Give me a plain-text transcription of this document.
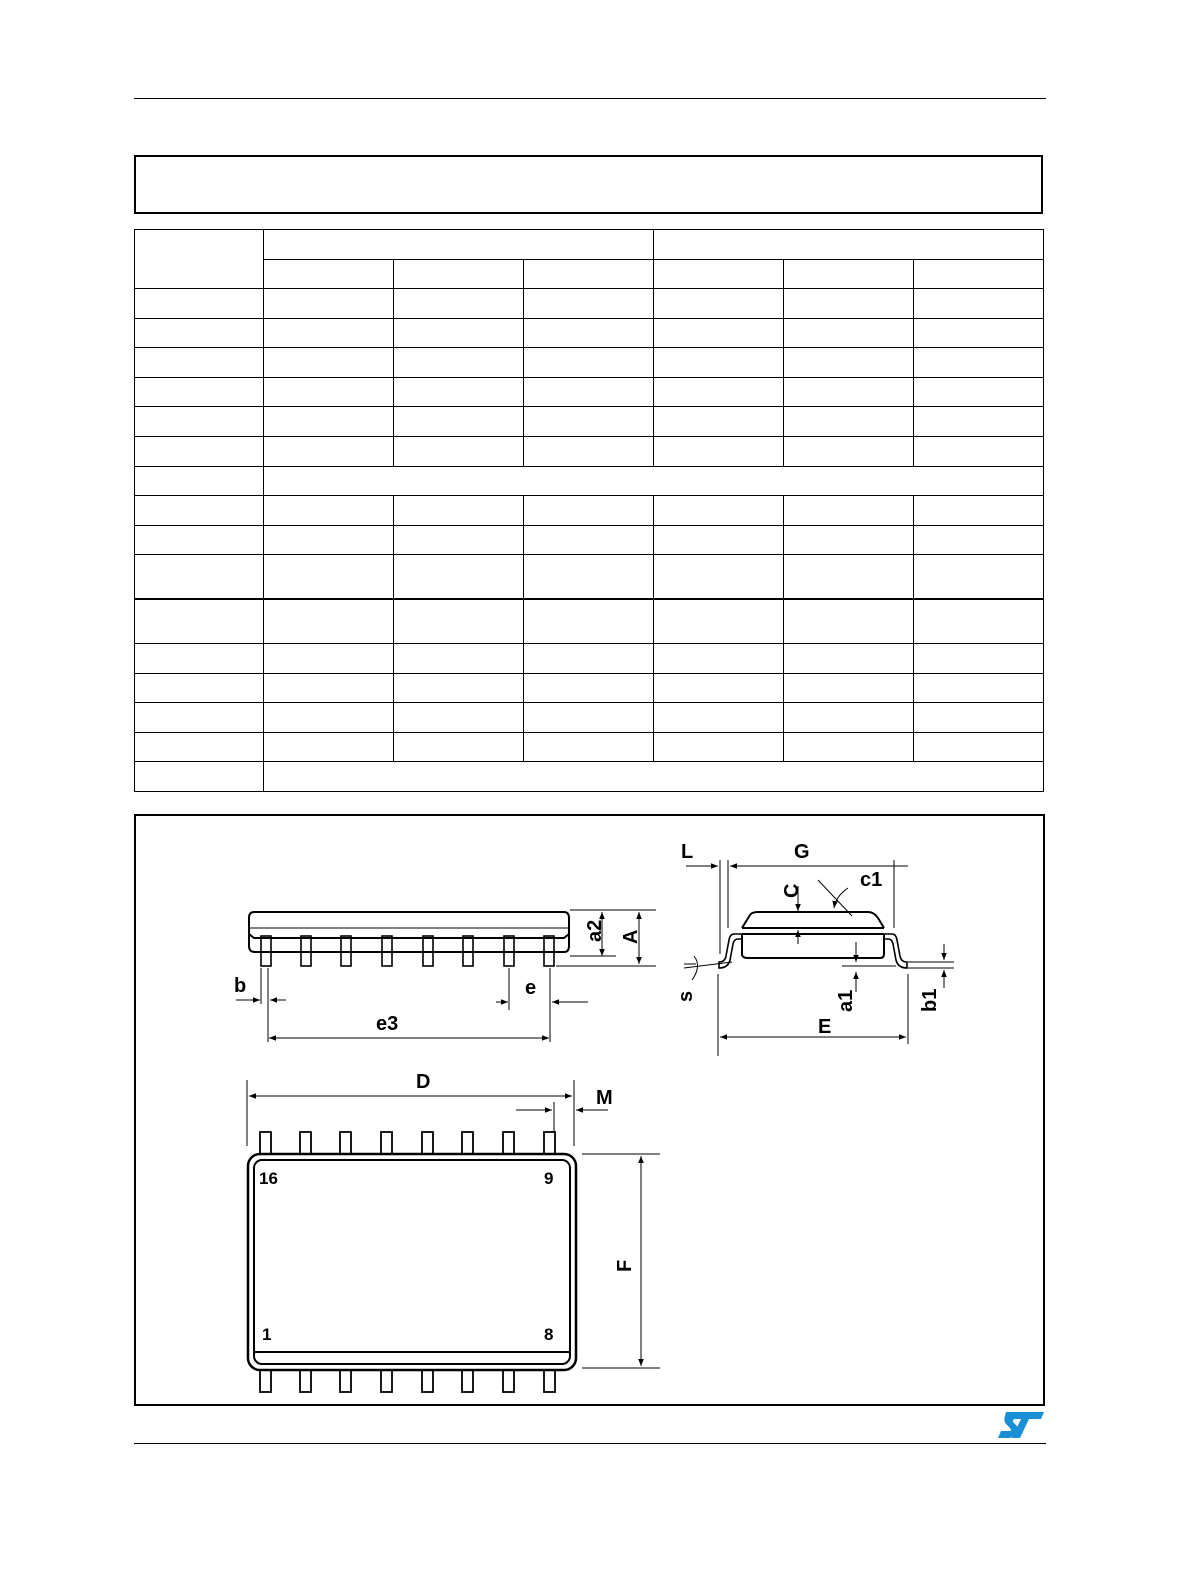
b	e
e3
a2 A
L	G
C	c1
s	a1	b1
E
D
M
F
16	9
1	8
